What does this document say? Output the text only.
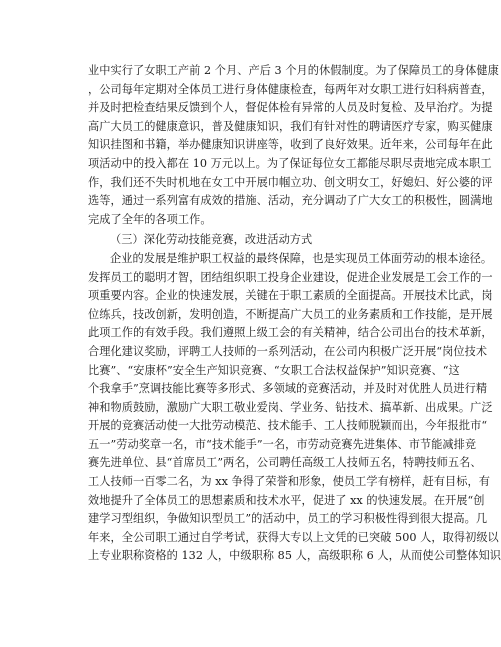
业中实行了女职工产前 2 个月、产后 3 个月的休假制度。为了保障员工的身体健康
，公司每年定期对全体员工进行身体健康检查，每两年对女职工进行妇科病普查，
并及时把检查结果反馈到个人，督促体检有异常的人员及时复检、及早治疗。为提
高广大员工的健康意识，普及健康知识，我们有针对性的聘请医疗专家，购买健康
知识挂图和书籍，举办健康知识讲座等，收到了良好效果。近年来，公司每年在此
项活动中的投入都在 10 万元以上。为了保证每位女工都能尽职尽责地完成本职工
作，我们还不失时机地在女工中开展巾帼立功、创文明女工，好媳妇、好公婆的评
选等，通过一系列富有成效的措施、活动，充分调动了广大女工的积极性，圆满地
完成了全年的各项工作。
（三）深化劳动技能竞赛，改进活动方式
企业的发展是维护职工权益的最终保障，也是实现员工体面劳动的根本途径。
发挥员工的聪明才智，团结组织职工投身企业建设，促进企业发展是工会工作的一
项重要内容。企业的快速发展，关键在于职工素质的全面提高。开展技术比武，岗
位练兵，技改创新，发明创造，不断提高广大员工的业务素质和工作技能，是开展
此项工作的有效手段。我们遵照上级工会的有关精神，结合公司出台的技术革新，
合理化建议奖励，评聘工人技师的一系列活动，在公司内积极广泛开展“岗位技术
比赛”、“安康杯”安全生产知识竞赛、“女职工合法权益保护”知识竞赛、“这
个我拿手”烹调技能比赛等多形式、多领域的竞赛活动，并及时对优胜人员进行精
神和物质鼓励，激励广大职工敬业爱岗、学业务、钻技术、搞革新、出成果。广泛
开展的竞赛活动使一大批劳动模范、技术能手、工人技师脱颖而出，今年报批市“
五一”劳动奖章一名，市“技术能手”一名，市劳动竞赛先进集体、市节能减排竞
赛先进单位、县“首席员工”两名，公司聘任高级工人技师五名，特聘技师五名、
工人技师一百零二名，为 xx 争得了荣誉和形象，使员工学有榜样，赶有目标，有
效地提升了全体员工的思想素质和技术水平，促进了 xx 的快速发展。在开展“创
建学习型组织，争做知识型员工”的活动中，员工的学习积极性得到很大提高。几
年来，全公司职工通过自学考试，获得大专以上文凭的已突破 500 人，取得初级以
上专业职称资格的 132 人，中级职称 85 人，高级职称 6 人，从而使公司整体知识
